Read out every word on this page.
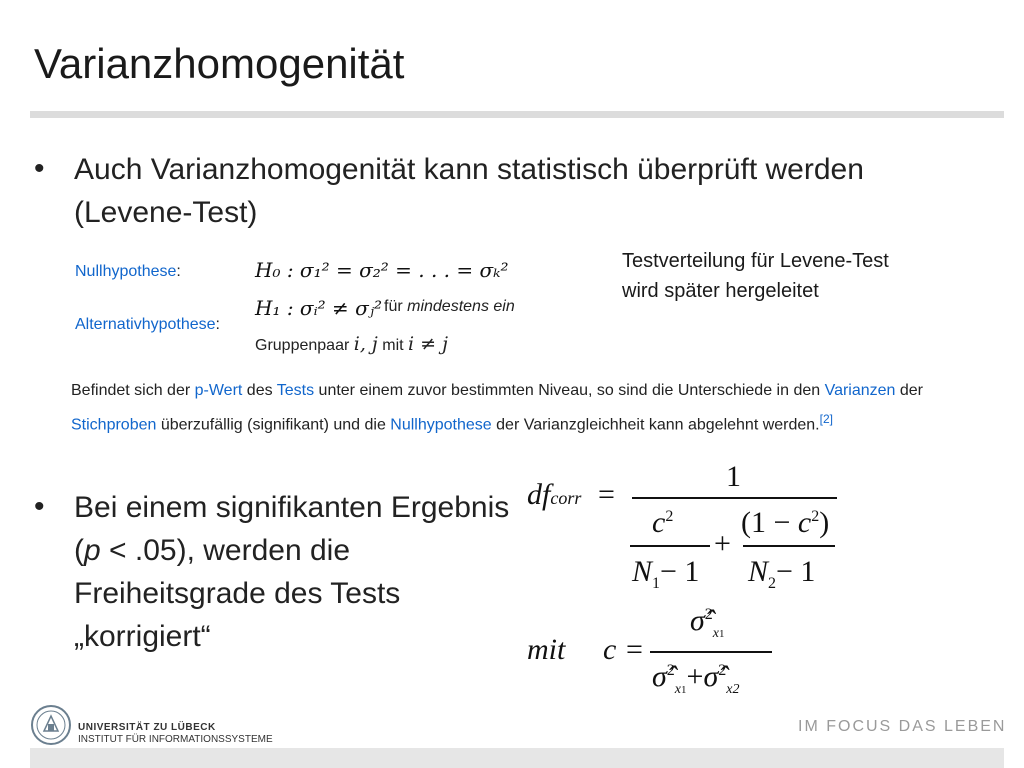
Varianzhomogenität
• Auch Varianzhomogenität kann statistisch überprüft werden (Levene-Test)
Testverteilung für Levene-Test
wird später hergeleitet
Nullhypothese:
Alternativhypothese:
H₀ : σ₁² = σ₂² = . . . = σₖ²
H₁ : σᵢ² ≠ σⱼ² für mindestens ein
Gruppenpaar i, j mit i ≠ j
Befindet sich der p-Wert des Tests unter einem zuvor bestimmten Niveau, so sind die Unterschiede in den Varianzen der Stichproben überzufällig (signifikant) und die Nullhypothese der Varianzgleichheit kann abgelehnt werden.[2]
• Bei einem signifikanten Ergebnis (p < .05), werden die Freiheitsgrade des Tests „korrigiert“
dfcorr =
1
$c^2$
$N_1- 1$
+
$(1 - c^2)$
$N_2- 1$
mit c =
σ̂$^2_{x1}$
σ̂$^2_{x1}$+σ̂$^2_{x2}$
UNIVERSITÄT ZU LÜBECK
INSTITUT FÜR INFORMATIONSSYSTEME
IM FOCUS DAS LEBEN
